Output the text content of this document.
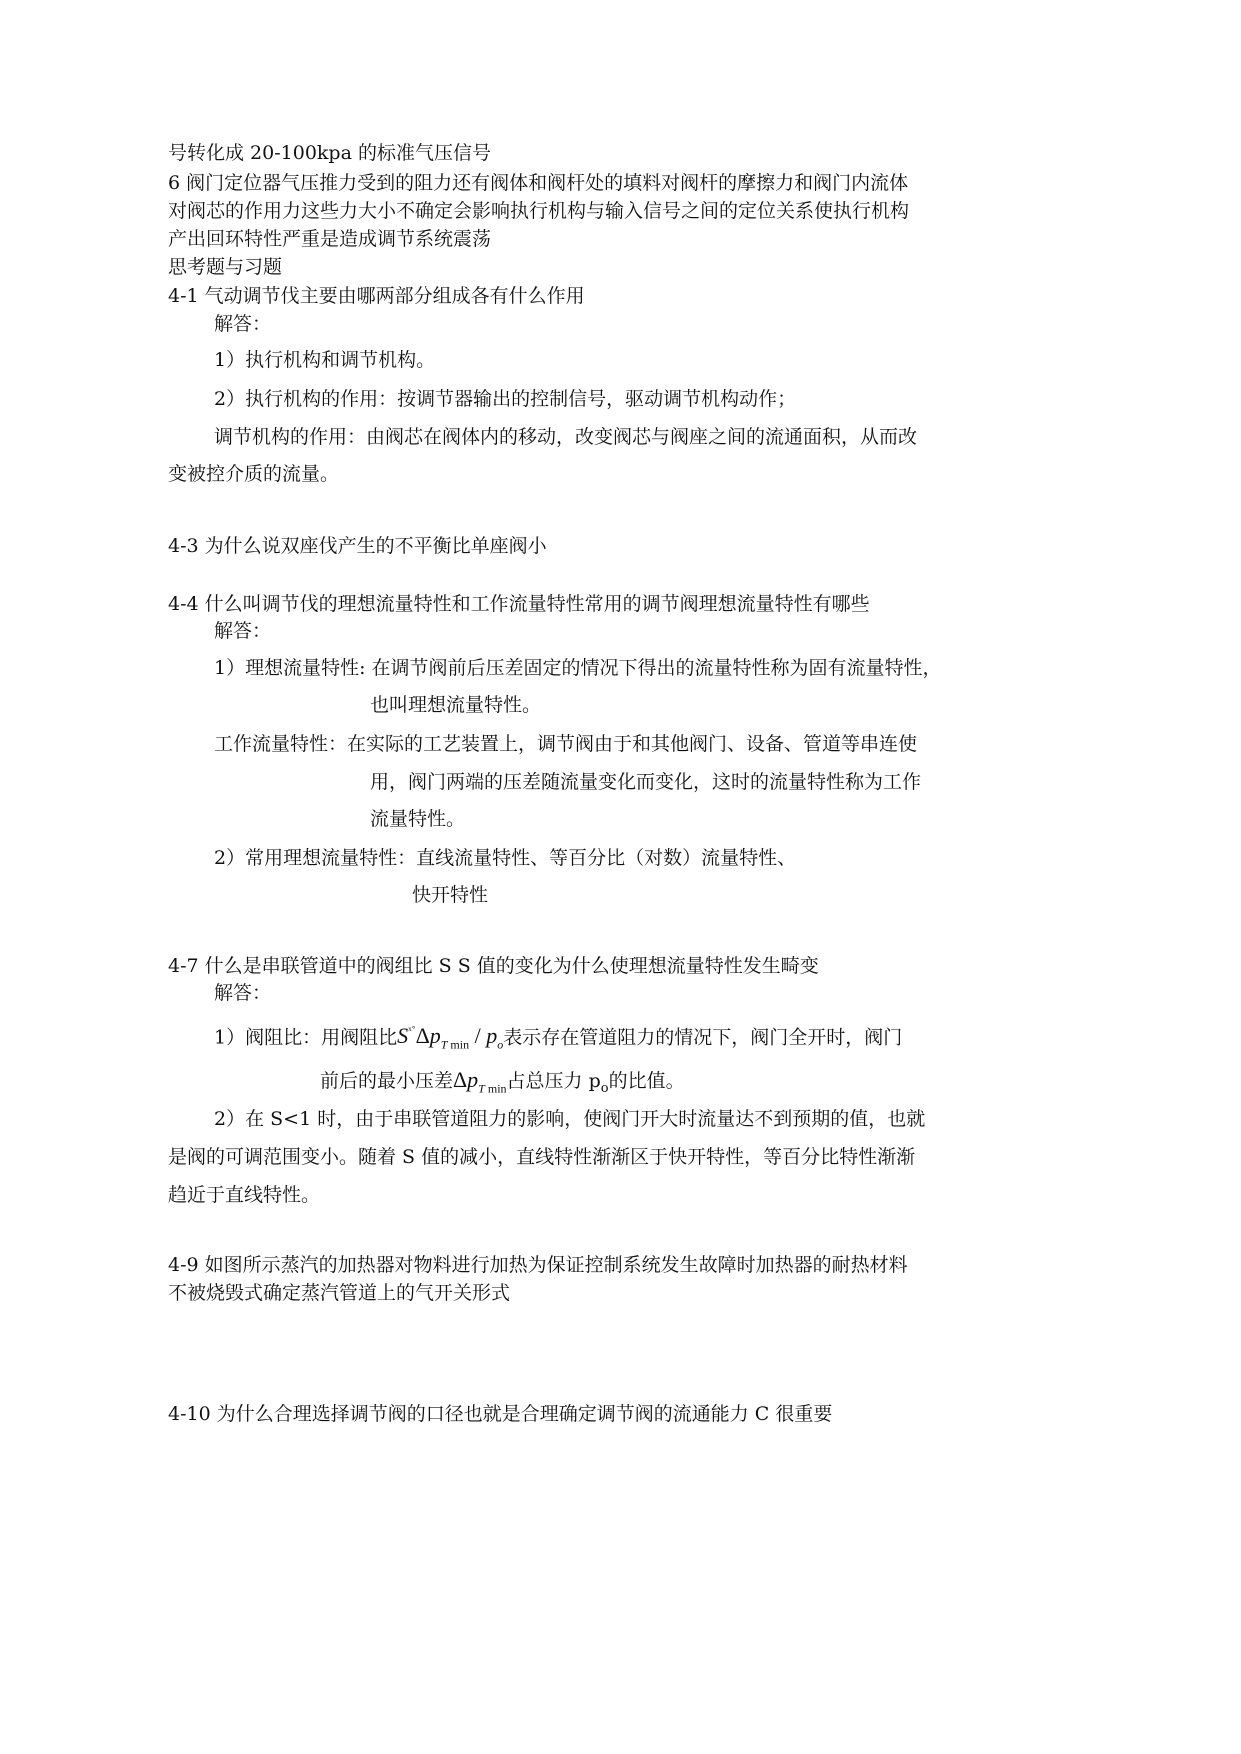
号转化成 20-100kpa 的标准气压信号
6 阀门定位器气压推力受到的阻力还有阀体和阀杆处的填料对阀杆的摩擦力和阀门内流体
对阀芯的作用力这些力大小不确定会影响执行机构与输入信号之间的定位关系使执行机构
产出回环特性严重是造成调节系统震荡
思考题与习题
4-1 气动调节伐主要由哪两部分组成各有什么作用
解答：
1）执行机构和调节机构。
2）执行机构的作用：按调节器输出的控制信号，驱动调节机构动作；
调节机构的作用：由阀芯在阀体内的移动，改变阀芯与阀座之间的流通面积，从而改
变被控介质的流量。
4-3 为什么说双座伐产生的不平衡比单座阀小
4-4 什么叫调节伐的理想流量特性和工作流量特性常用的调节阀理想流量特性有哪些
解答：
1）理想流量特性: 在调节阀前后压差固定的情况下得出的流量特性称为固有流量特性，
也叫理想流量特性。
工作流量特性：在实际的工艺装置上，调节阀由于和其他阀门、设备、管道等串连使
用，阀门两端的压差随流量变化而变化，这时的流量特性称为工作
流量特性。
2）常用理想流量特性：直线流量特性、等百分比（对数）流量特性、
快开特性
4-7 什么是串联管道中的阀组比 S S 值的变化为什么使理想流量特性发生畸变
解答：
1）阀阻比：用阀阻比$S^{ˣ˚}\Delta p_{T min} / p_o$表示存在管道阻力的情况下，阀门全开时，阀门
前后的最小压差$\Delta p_{T min}$占总压力 $p_o$的比值。
2）在 S<1 时，由于串联管道阻力的影响，使阀门开大时流量达不到预期的值，也就
是阀的可调范围变小。随着 S 值的减小，直线特性渐渐区于快开特性，等百分比特性渐渐
趋近于直线特性。
4-9 如图所示蒸汽的加热器对物料进行加热为保证控制系统发生故障时加热器的耐热材料
不被烧毁式确定蒸汽管道上的气开关形式
4-10 为什么合理选择调节阀的口径也就是合理确定调节阀的流通能力 C 很重要
